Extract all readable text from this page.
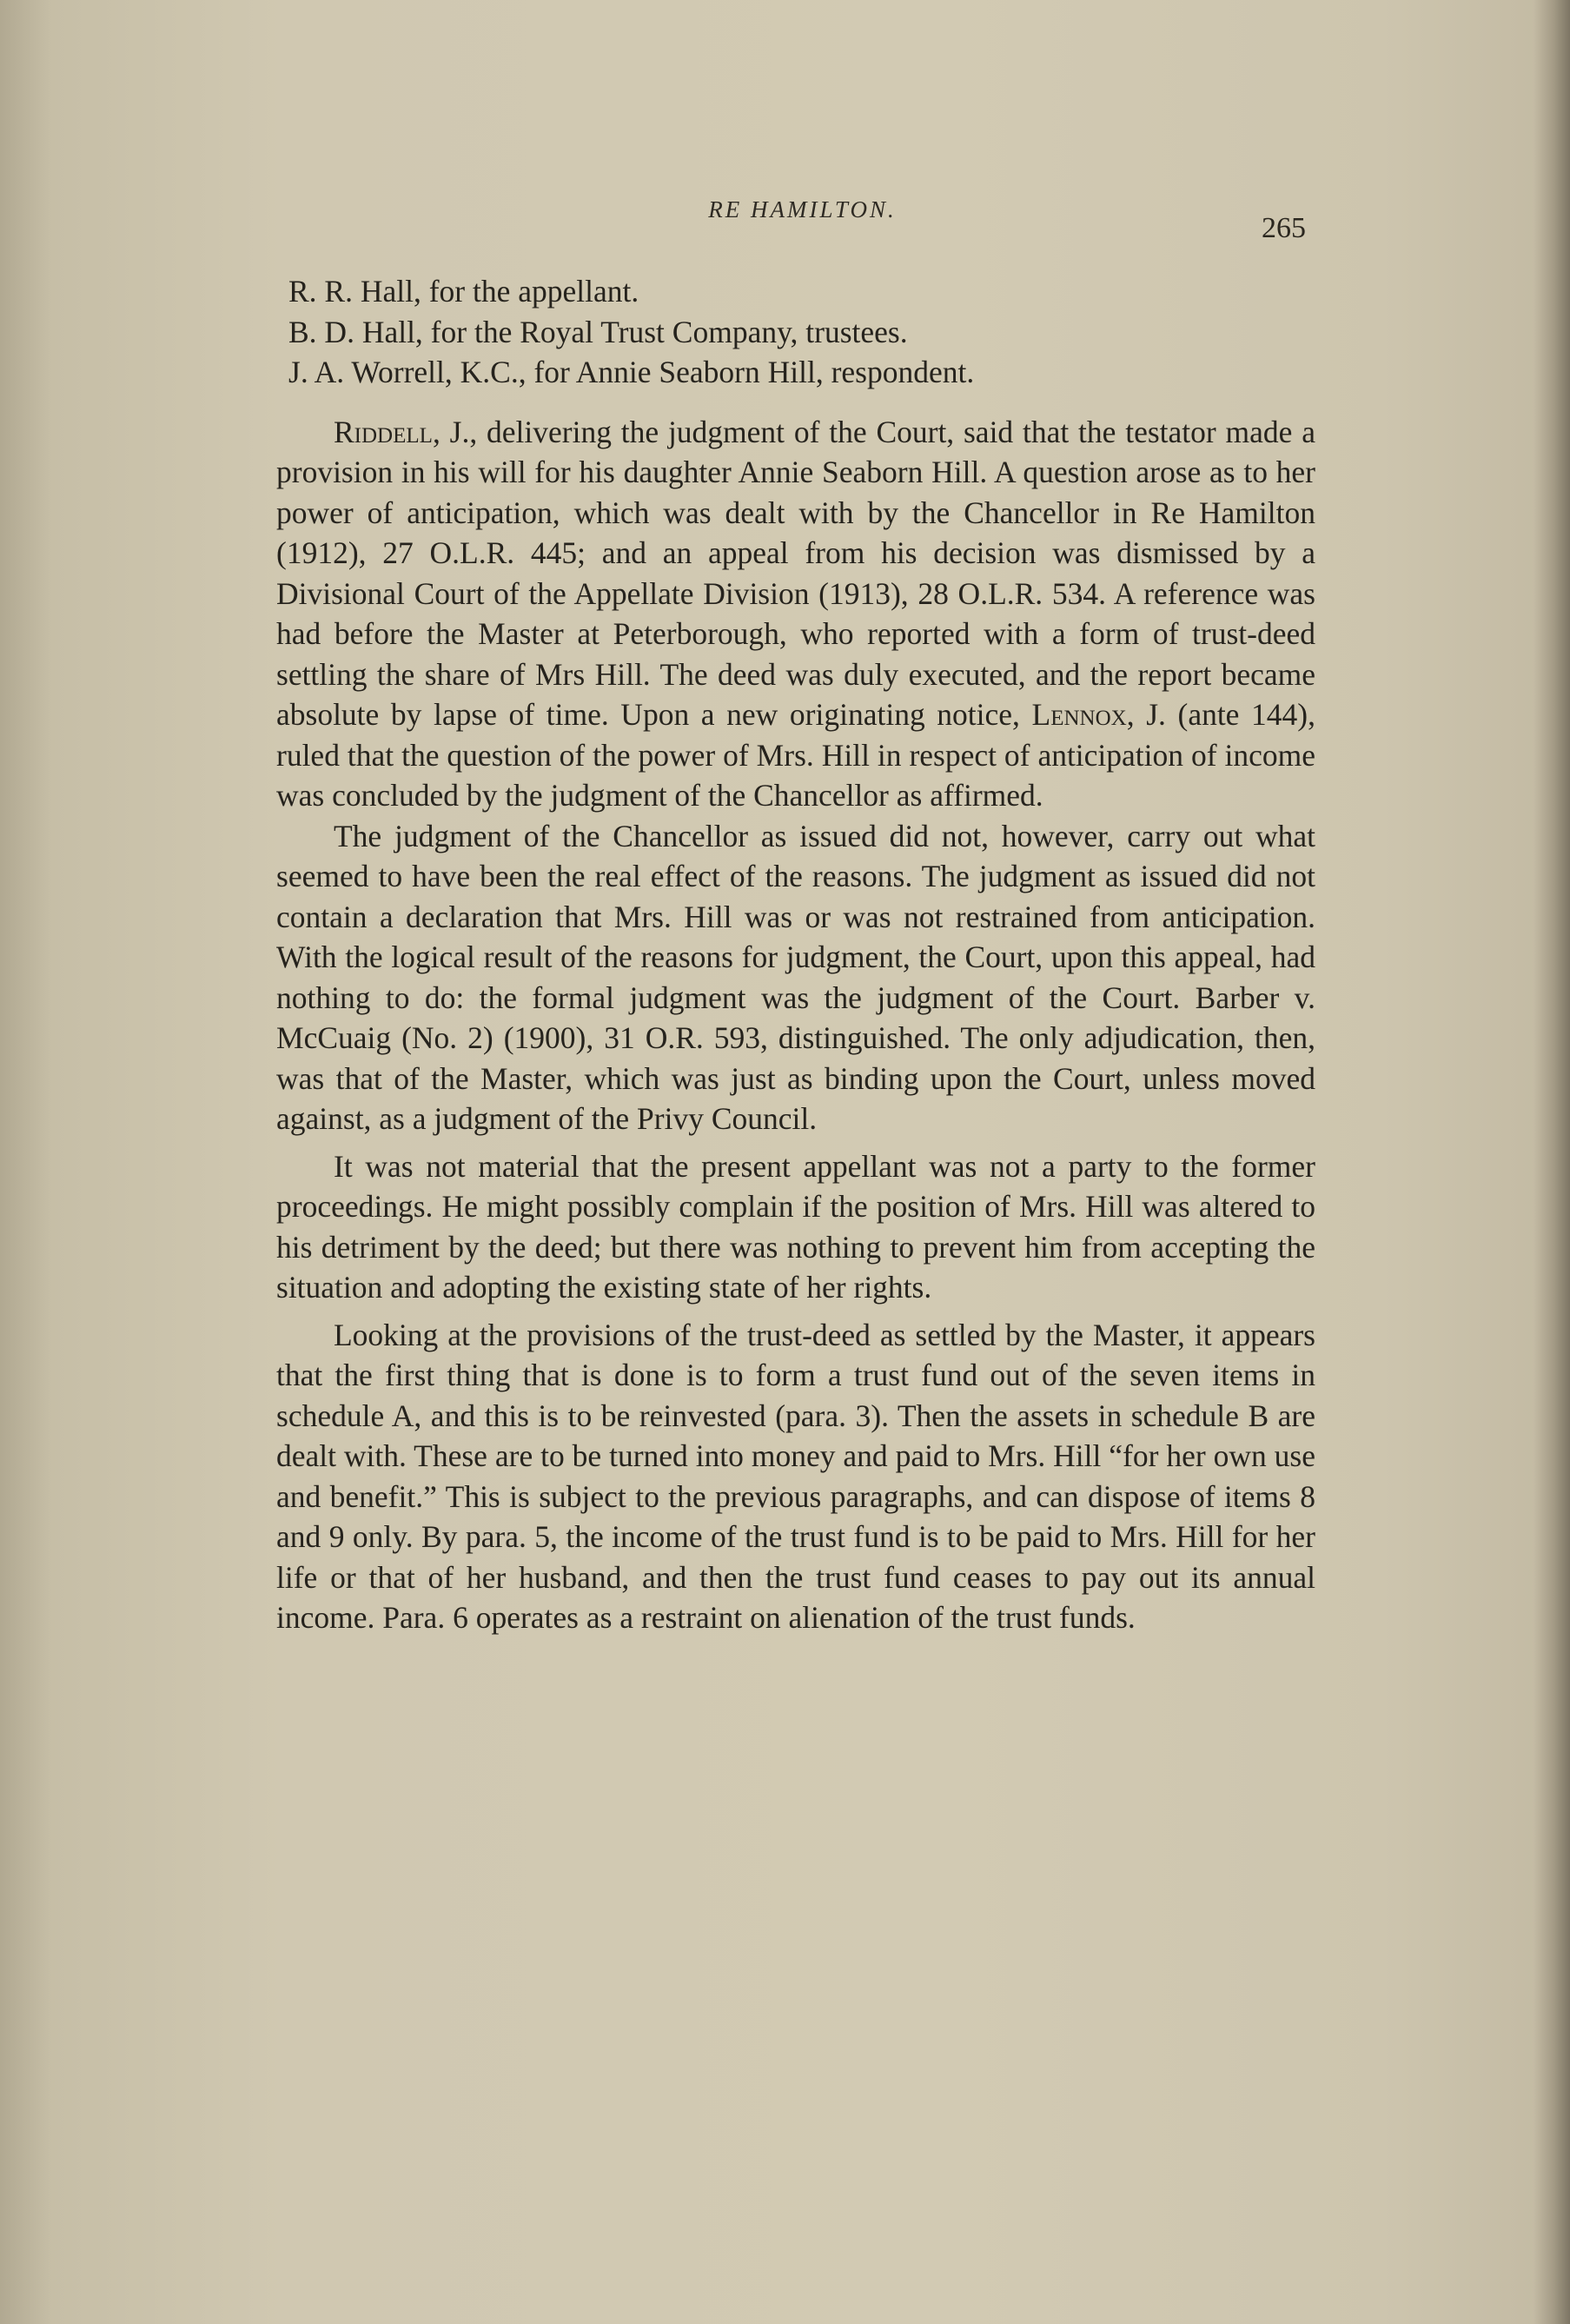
RE HAMILTON.
265

R. R. Hall, for the appellant.

B. D. Hall, for the Royal Trust Company, trustees.

J. A. Worrell, K.C., for Annie Seaborn Hill, respondent.

Riddell, J., delivering the judgment of the Court, said that the testator made a provision in his will for his daughter Annie Seaborn Hill. A question arose as to her power of anticipation, which was dealt with by the Chancellor in Re Hamilton (1912), 27 O.L.R. 445; and an appeal from his decision was dismissed by a Divisional Court of the Appellate Division (1913), 28 O.L.R. 534. A reference was had before the Master at Peterborough, who reported with a form of trust-deed settling the share of Mrs Hill. The deed was duly executed, and the report became absolute by lapse of time. Upon a new originating notice, Lennox, J. (ante 144), ruled that the question of the power of Mrs. Hill in respect of anticipation of income was concluded by the judgment of the Chancellor as affirmed.

The judgment of the Chancellor as issued did not, however, carry out what seemed to have been the real effect of the reasons. The judgment as issued did not contain a declaration that Mrs. Hill was or was not restrained from anticipation. With the logical result of the reasons for judgment, the Court, upon this appeal, had nothing to do: the formal judgment was the judgment of the Court. Barber v. McCuaig (No. 2) (1900), 31 O.R. 593, distinguished. The only adjudication, then, was that of the Master, which was just as binding upon the Court, unless moved against, as a judgment of the Privy Council.

It was not material that the present appellant was not a party to the former proceedings. He might possibly complain if the position of Mrs. Hill was altered to his detriment by the deed; but there was nothing to prevent him from accepting the situation and adopting the existing state of her rights.

Looking at the provisions of the trust-deed as settled by the Master, it appears that the first thing that is done is to form a trust fund out of the seven items in schedule A, and this is to be reinvested (para. 3). Then the assets in schedule B are dealt with. These are to be turned into money and paid to Mrs. Hill “for her own use and benefit.” This is subject to the previous paragraphs, and can dispose of items 8 and 9 only. By para. 5, the income of the trust fund is to be paid to Mrs. Hill for her life or that of her husband, and then the trust fund ceases to pay out its annual income. Para. 6 operates as a restraint on alienation of the trust funds.
